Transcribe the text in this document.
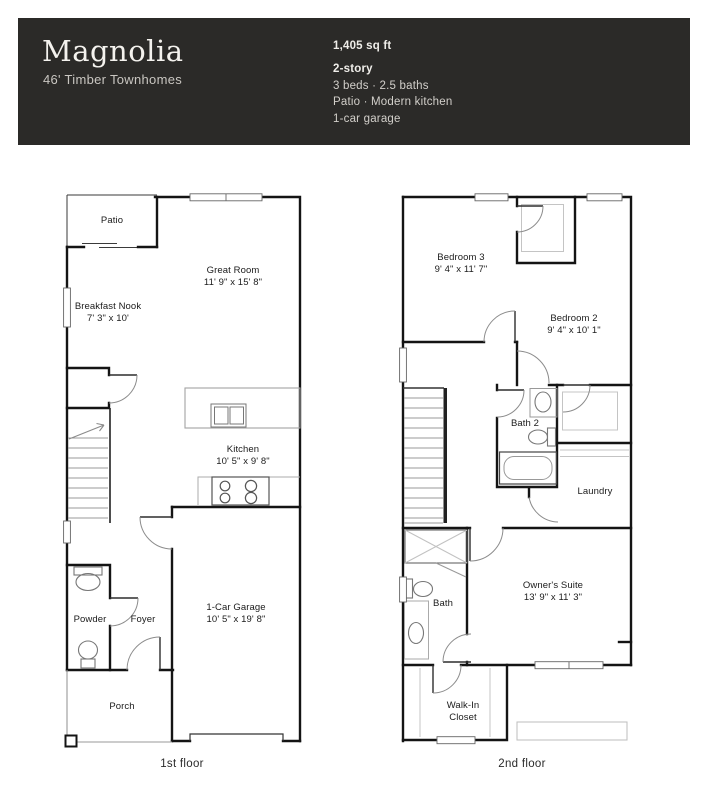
Magnolia
46' Timber Townhomes
1,405 sq ft
2-story
3 beds · 2.5 baths
Patio · Modern kitchen
1-car garage
Patio
Great Room
11' 9" x 15' 8"
Breakfast Nook
7' 3" x 10'
Kitchen
10' 5" x 9' 8"
1-Car Garage
10' 5" x 19' 8"
Powder	Foyer
Porch
1st floor
Bedroom 3
9' 4" x 11' 7"
Bedroom 2
9' 4" x 10' 1"
Bath 2
Laundry
Owner's Suite
13' 9" x 11' 3"
Bath
Walk-In Closet
2nd floor
